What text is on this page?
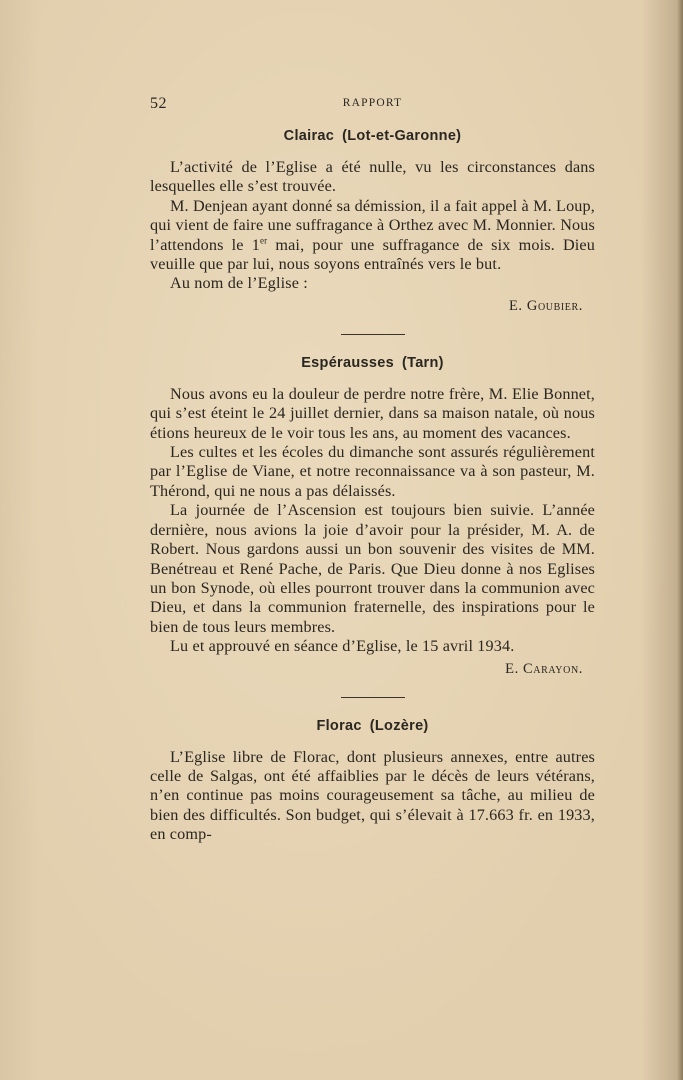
52	RAPPORT
Clairac (Lot-et-Garonne)

L’activité de l’Eglise a été nulle, vu les circonstances dans lesquelles elle s’est trouvée.

M. Denjean ayant donné sa démission, il a fait appel à M. Loup, qui vient de faire une suffragance à Orthez avec M. Monnier. Nous l’attendons le 1er mai, pour une suffragance de six mois. Dieu veuille que par lui, nous soyons entraînés vers le but.

Au nom de l’Eglise :

E. Goubier.
Espérausses (Tarn)

Nous avons eu la douleur de perdre notre frère, M. Elie Bonnet, qui s’est éteint le 24 juillet dernier, dans sa maison natale, où nous étions heureux de le voir tous les ans, au moment des vacances.

Les cultes et les écoles du dimanche sont assurés régulièrement par l’Eglise de Viane, et notre reconnaissance va à son pasteur, M. Thérond, qui ne nous a pas délaissés.

La journée de l’Ascension est toujours bien suivie. L’année dernière, nous avions la joie d’avoir pour la présider, M. A. de Robert. Nous gardons aussi un bon souvenir des visites de MM. Benétreau et René Pache, de Paris. Que Dieu donne à nos Eglises un bon Synode, où elles pourront trouver dans la communion avec Dieu, et dans la communion fraternelle, des inspirations pour le bien de tous leurs membres.

Lu et approuvé en séance d’Eglise, le 15 avril 1934.

E. Carayon.
Florac (Lozère)

L’Eglise libre de Florac, dont plusieurs annexes, entre autres celle de Salgas, ont été affaiblies par le décès de leurs vétérans, n’en continue pas moins courageusement sa tâche, au milieu de bien des difficultés. Son budget, qui s’élevait à 17.663 fr. en 1933, en comp-
